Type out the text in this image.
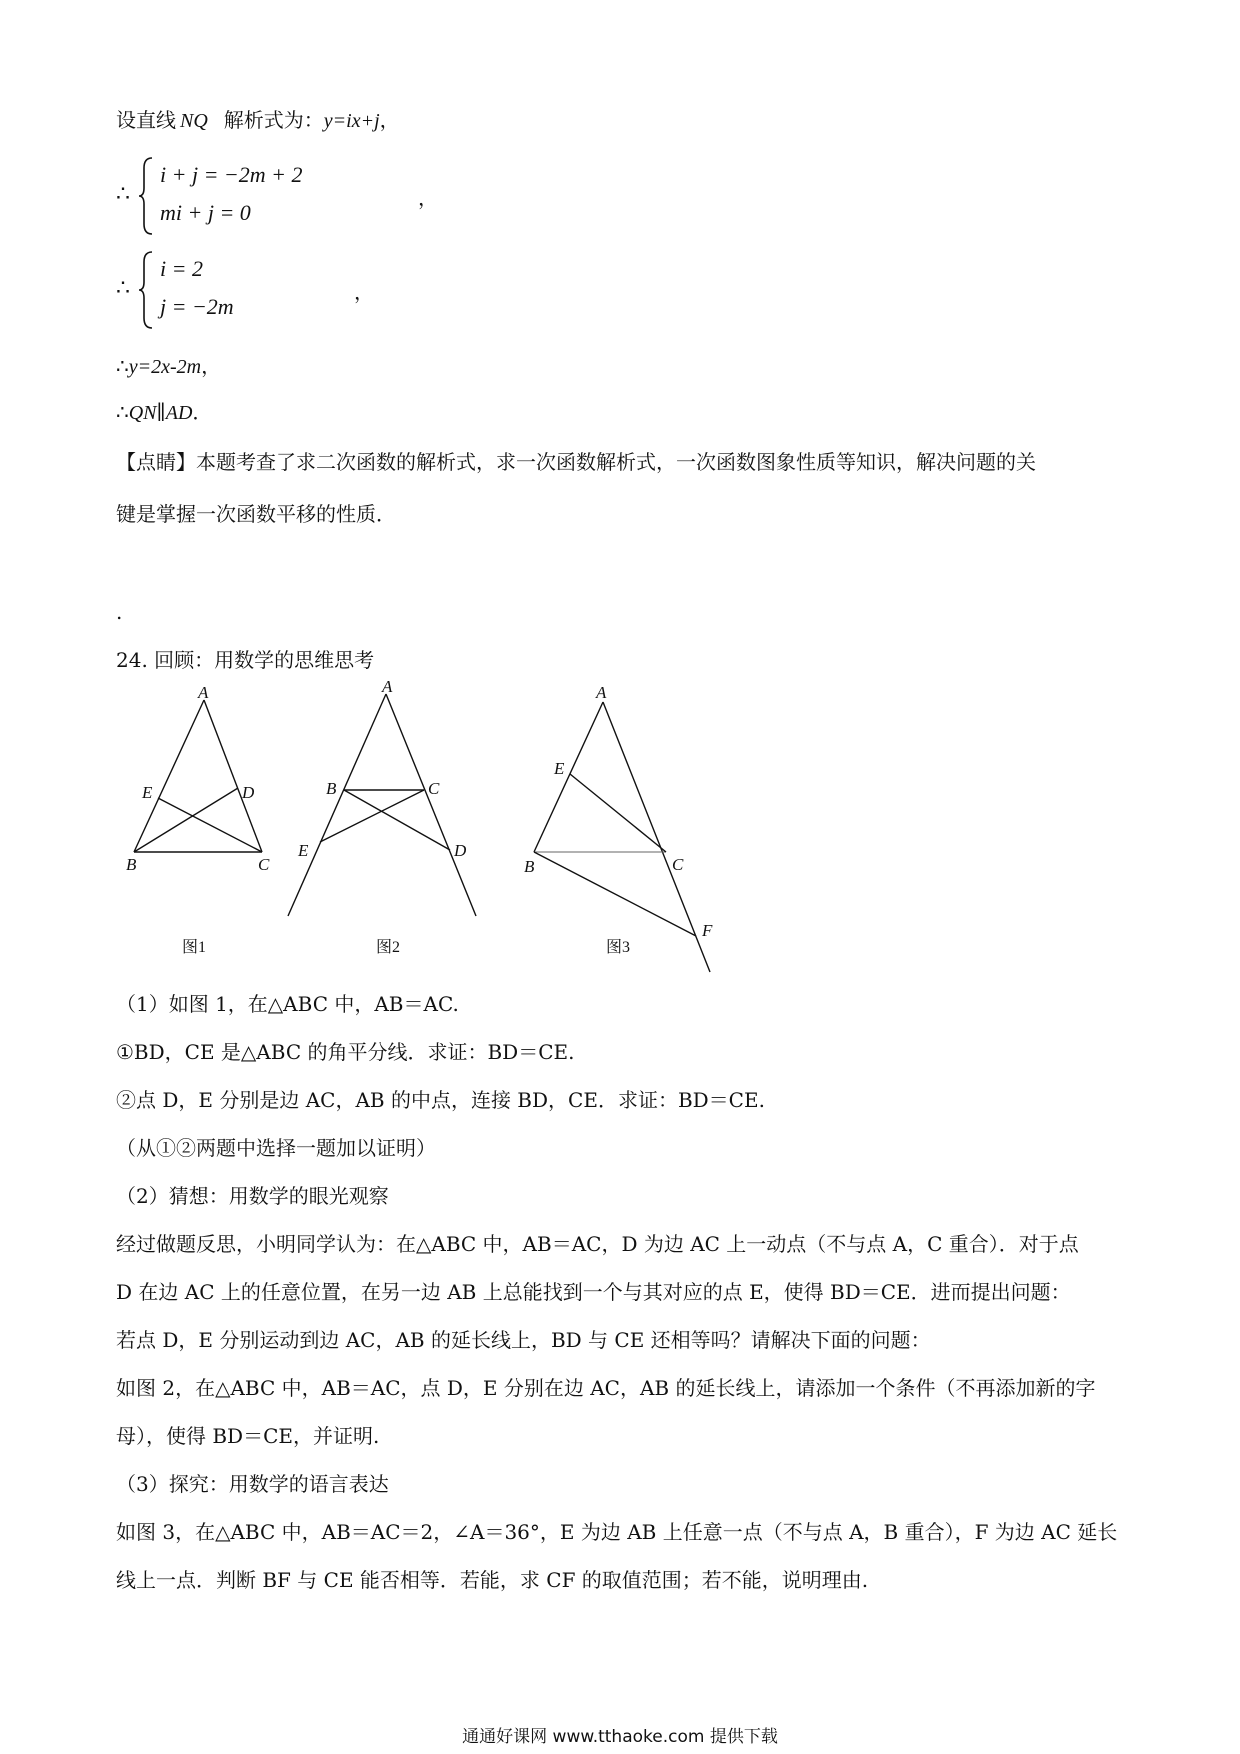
设直线 NQ 解析式为：y=ix+j，
∴
i + j = −2m + 2
mi + j = 0
，
∴
i = 2
j = −2m
，
∴y=2x-2m，
∴QN∥AD．
【点睛】本题考查了求二次函数的解析式，求一次函数解析式，一次函数图象性质等知识，解决问题的关
键是掌握一次函数平移的性质．
.
24. 回顾：用数学的思维思考
A
E	D
B	C
图1
A
B	C
E	D
图2
A
E
B	C
F
图3
（1）如图 1，在△ABC 中，AB＝AC.
①BD，CE 是△ABC 的角平分线．求证：BD＝CE.
②点 D，E 分别是边 AC，AB 的中点，连接 BD，CE．求证：BD＝CE.
（从①②两题中选择一题加以证明）
（2）猜想：用数学的眼光观察
经过做题反思，小明同学认为：在△ABC 中，AB＝AC，D 为边 AC 上一动点（不与点 A，C 重合）．对于点
D 在边 AC 上的任意位置，在另一边 AB 上总能找到一个与其对应的点 E，使得 BD＝CE．进而提出问题：
若点 D，E 分别运动到边 AC，AB 的延长线上，BD 与 CE 还相等吗？请解决下面的问题：
如图 2，在△ABC 中，AB＝AC，点 D，E 分别在边 AC，AB 的延长线上，请添加一个条件（不再添加新的字
母），使得 BD＝CE，并证明.
（3）探究：用数学的语言表达
如图 3，在△ABC 中，AB＝AC＝2，∠A＝36°，E 为边 AB 上任意一点（不与点 A，B 重合），F 为边 AC 延长
线上一点．判断 BF 与 CE 能否相等．若能，求 CF 的取值范围；若不能，说明理由.
通通好课网 www.tthaoke.com 提供下载
